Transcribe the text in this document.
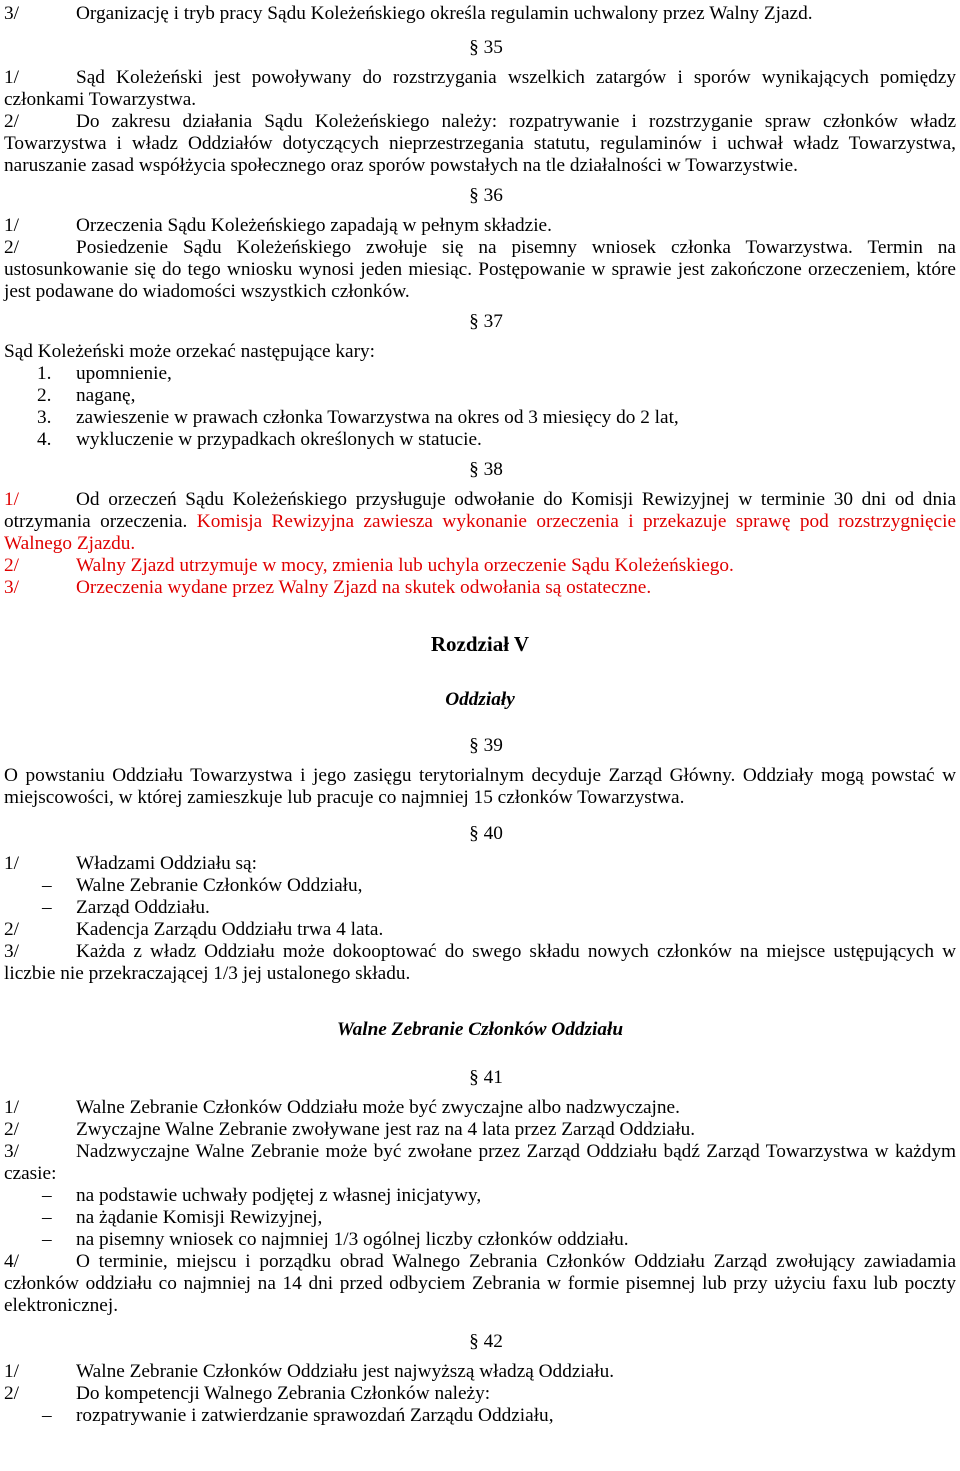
3/	Organizację i tryb pracy Sądu Koleżeńskiego określa regulamin uchwalony przez Walny Zjazd.
§ 35
1/	Sąd Koleżeński jest powoływany do rozstrzygania wszelkich zatargów i sporów wynikających pomiędzy członkami Towarzystwa.
2/	Do zakresu działania Sądu Koleżeńskiego należy: rozpatrywanie i rozstrzyganie spraw członków władz Towarzystwa i władz Oddziałów dotyczących nieprzestrzegania statutu, regulaminów i uchwał władz Towarzystwa, naruszanie zasad współżycia społecznego oraz sporów powstałych na tle działalności w Towarzystwie.
§ 36
1/	Orzeczenia Sądu Koleżeńskiego zapadają w pełnym składzie.
2/	Posiedzenie Sądu Koleżeńskiego zwołuje się na pisemny wniosek członka Towarzystwa. Termin na ustosunkowanie się do tego wniosku wynosi jeden miesiąc. Postępowanie w sprawie jest zakończone orzeczeniem, które jest podawane do wiadomości wszystkich członków.
§ 37
Sąd Koleżeński może orzekać następujące kary:
1. upomnienie,
2. naganę,
3. zawieszenie w prawach członka Towarzystwa na okres od 3 miesięcy do 2 lat,
4. wykluczenie w przypadkach określonych w statucie.
§ 38
1/	Od orzeczeń Sądu Koleżeńskiego przysługuje odwołanie do Komisji Rewizyjnej w terminie 30 dni od dnia otrzymania orzeczenia. Komisja Rewizyjna zawiesza wykonanie orzeczenia i przekazuje sprawę pod rozstrzygnięcie Walnego Zjazdu.
2/	Walny Zjazd utrzymuje w mocy, zmienia lub uchyla orzeczenie Sądu Koleżeńskiego.
3/	Orzeczenia wydane przez Walny Zjazd na skutek odwołania są ostateczne.
Rozdział V
Oddziały
§ 39
O powstaniu Oddziału Towarzystwa i jego zasięgu terytorialnym decyduje Zarząd Główny. Oddziały mogą powstać w miejscowości, w której zamieszkuje lub pracuje co najmniej 15 członków Towarzystwa.
§ 40
1/	Władzami Oddziału są:
– Walne Zebranie Członków Oddziału,
– Zarząd Oddziału.
2/	Kadencja Zarządu Oddziału trwa 4 lata.
3/	Każda z władz Oddziału może dokooptować do swego składu nowych członków na miejsce ustępujących w liczbie nie przekraczającej 1/3 jej ustalonego składu.
Walne Zebranie Członków Oddziału
§ 41
1/	Walne Zebranie Członków Oddziału może być zwyczajne albo nadzwyczajne.
2/	Zwyczajne Walne Zebranie zwoływane jest raz na 4 lata przez Zarząd Oddziału.
3/	Nadzwyczajne Walne Zebranie może być zwołane przez Zarząd Oddziału bądź Zarząd Towarzystwa w każdym czasie:
– na podstawie uchwały podjętej z własnej inicjatywy,
– na żądanie Komisji Rewizyjnej,
– na pisemny wniosek co najmniej 1/3 ogólnej liczby członków oddziału.
4/	O terminie, miejscu i porządku obrad Walnego Zebrania Członków Oddziału Zarząd zwołujący zawiadamia członków oddziału co najmniej na 14 dni przed odbyciem Zebrania w formie pisemnej lub przy użyciu faxu lub poczty elektronicznej.
§ 42
1/	Walne Zebranie Członków Oddziału jest najwyższą władzą Oddziału.
2/	Do kompetencji Walnego Zebrania Członków należy:
– rozpatrywanie i zatwierdzanie sprawozdań Zarządu Oddziału,
